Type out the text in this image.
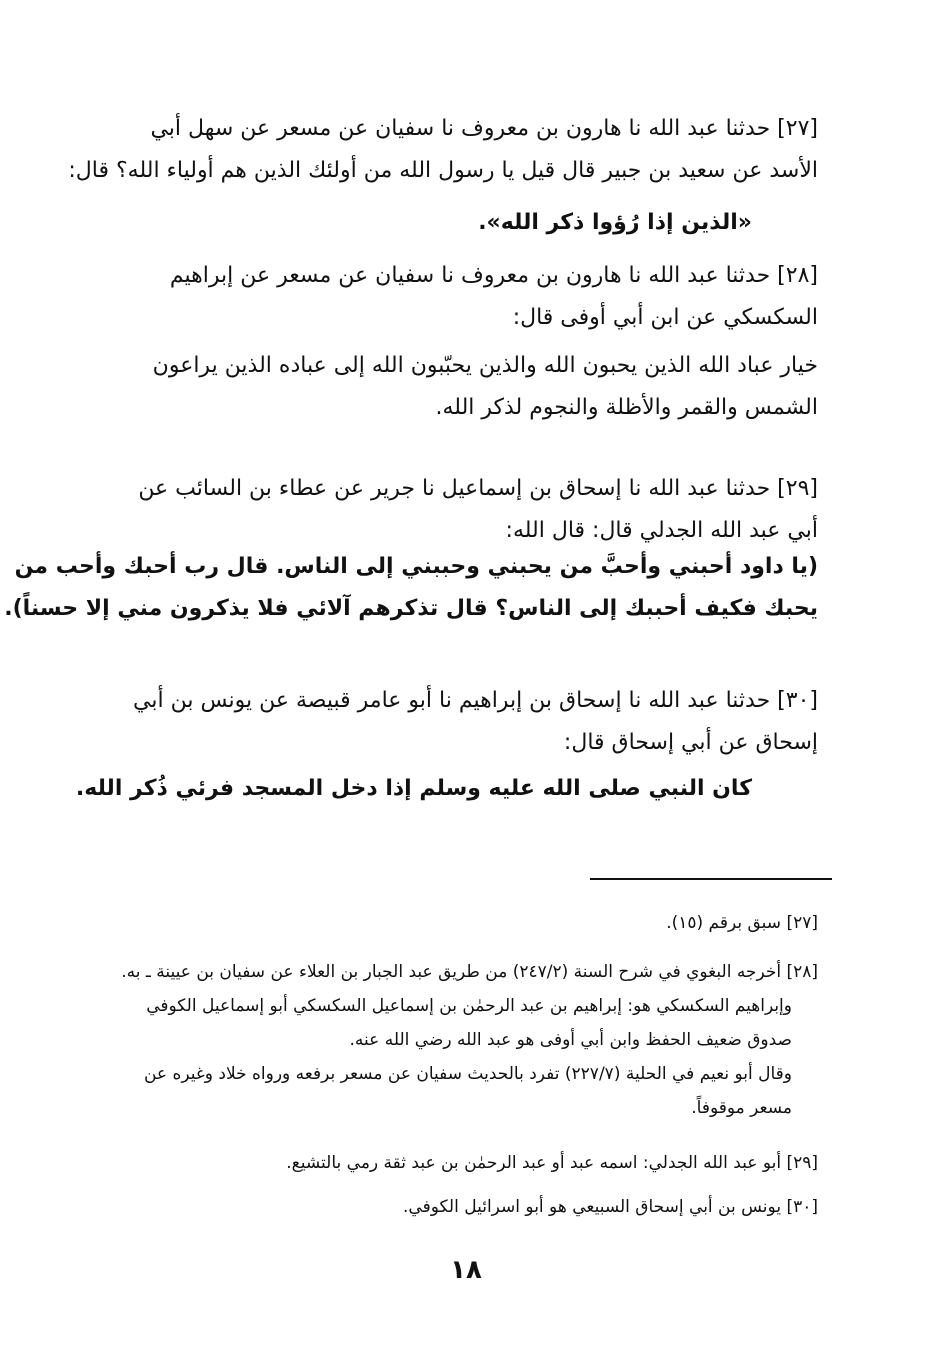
[٢٧] حدثنا عبد الله نا هارون بن معروف نا سفيان عن مسعر عن سهل أبي
الأسد عن سعيد بن جبير قال قيل يا رسول الله من أولئك الذين هم أولياء الله؟ قال:
«الذين إذا رُؤوا ذكر الله».
[٢٨] حدثنا عبد الله نا هارون بن معروف نا سفيان عن مسعر عن إبراهيم
السكسكي عن ابن أبي أوفى قال:
خيار عباد الله الذين يحبون الله والذين يحبّبون الله إلى عباده الذين يراعون
الشمس والقمر والأظلة والنجوم لذكر الله.
[٢٩] حدثنا عبد الله نا إسحاق بن إسماعيل نا جرير عن عطاء بن السائب عن
أبي عبد الله الجدلي قال: قال الله:
(يا داود أحبني وأحبَّ من يحبني وحببني إلى الناس. قال رب أحبك وأحب من
يحبك فكيف أحببك إلى الناس؟ قال تذكرهم آلائي فلا يذكرون مني إلا حسناً).
[٣٠] حدثنا عبد الله نا إسحاق بن إبراهيم نا أبو عامر قبيصة عن يونس بن أبي
إسحاق عن أبي إسحاق قال:
كان النبي صلى الله عليه وسلم إذا دخل المسجد فرئي ذُكر الله.
[٢٧] سبق برقم (١٥).
[٢٨] أخرجه البغوي في شرح السنة (٢٤٧/٢) من طريق عبد الجبار بن العلاء عن سفيان بن عيينة ـ به.
وإبراهيم السكسكي هو: إبراهيم بن عبد الرحمٰن بن إسماعيل السكسكي أبو إسماعيل الكوفي
صدوق ضعيف الحفظ وابن أبي أوفى هو عبد الله رضي الله عنه.
وقال أبو نعيم في الحلية (٢٢٧/٧) تفرد بالحديث سفيان عن مسعر برفعه ورواه خلاد وغيره عن
مسعر موقوفاً.
[٢٩] أبو عبد الله الجدلي: اسمه عبد أو عبد الرحمٰن بن عبد ثقة رمي بالتشيع.
[٣٠] يونس بن أبي إسحاق السبيعي هو أبو اسرائيل الكوفي.
١٨
